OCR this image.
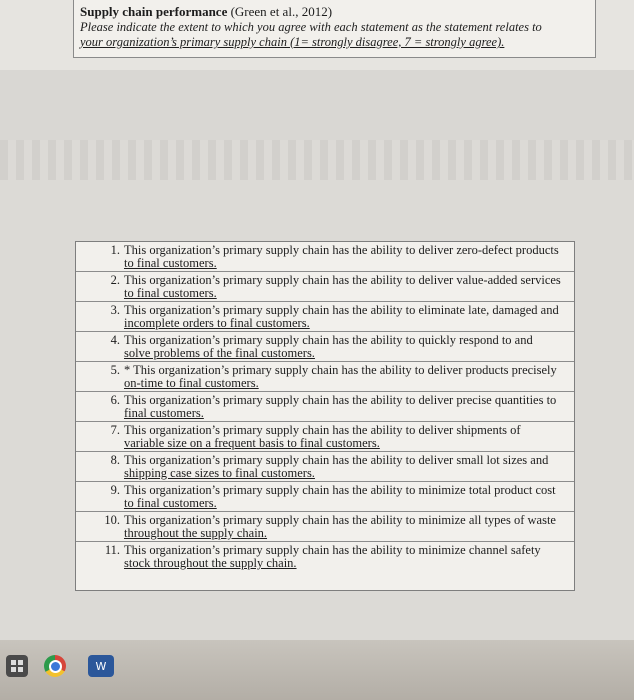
Supply chain performance (Green et al., 2012)
Please indicate the extent to which you agree with each statement as the statement relates to
your organization’s primary supply chain (1= strongly disagree, 7 = strongly agree).
1. This organization’s primary supply chain has the ability to deliver zero-defect products
to final customers.
2. This organization’s primary supply chain has the ability to deliver value-added services
to final customers.
3. This organization’s primary supply chain has the ability to eliminate late, damaged and
incomplete orders to final customers.
4. This organization’s primary supply chain has the ability to quickly respond to and
solve problems of the final customers.
5. * This organization’s primary supply chain has the ability to deliver products precisely
on-time to final customers.
6. This organization’s primary supply chain has the ability to deliver precise quantities to
final customers.
7. This organization’s primary supply chain has the ability to deliver shipments of
variable size on a frequent basis to final customers.
8. This organization’s primary supply chain has the ability to deliver small lot sizes and
shipping case sizes to final customers.
9. This organization’s primary supply chain has the ability to minimize total product cost
to final customers.
10. This organization’s primary supply chain has the ability to minimize all types of waste
throughout the supply chain.
11. This organization’s primary supply chain has the ability to minimize channel safety
stock throughout the supply chain.
W
